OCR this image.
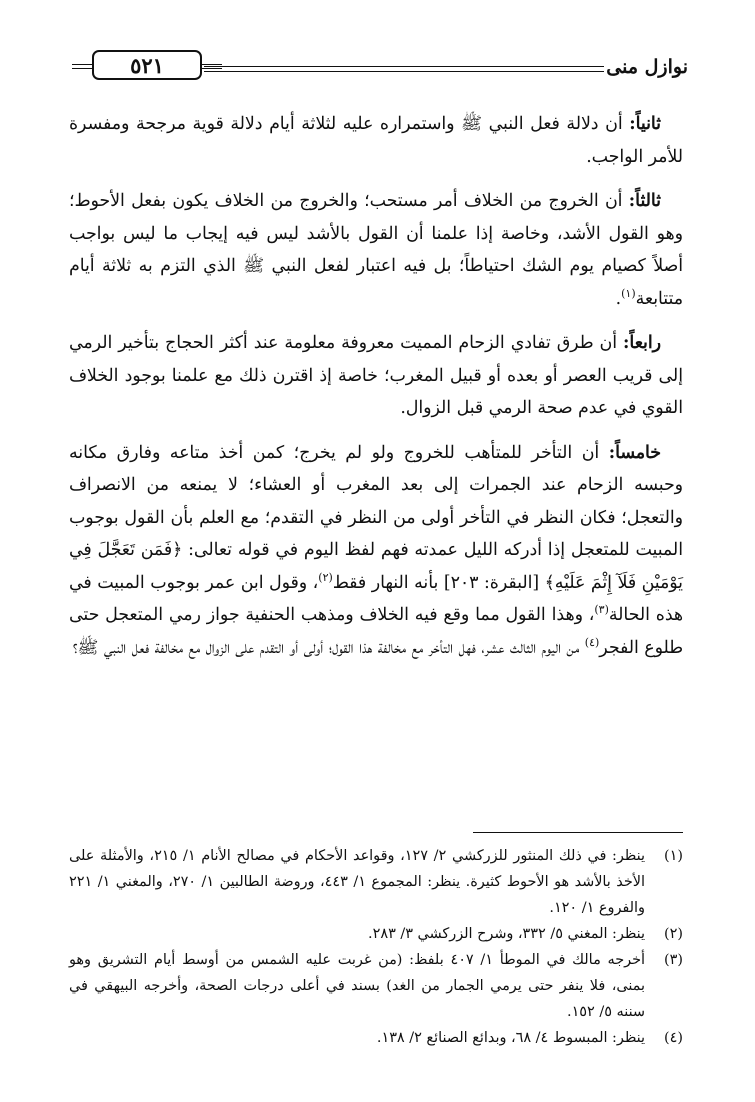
نوازل منى
٥٢١

ثانياً: أن دلالة فعل النبي ﷺ واستمراره عليه لثلاثة أيام دلالة قوية مرجحة ومفسرة للأمر الواجب.

ثالثاً: أن الخروج من الخلاف أمر مستحب؛ والخروج من الخلاف يكون بفعل الأحوط؛ وهو القول الأشد، وخاصة إذا علمنا أن القول بالأشد ليس فيه إيجاب ما ليس بواجب أصلاً كصيام يوم الشك احتياطاً؛ بل فيه اعتبار لفعل النبي ﷺ الذي التزم به ثلاثة أيام متتابعة$^{(١)}$.

رابعاً: أن طرق تفادي الزحام المميت معروفة معلومة عند أكثر الحجاج بتأخير الرمي إلى قريب العصر أو بعده أو قبيل المغرب؛ خاصة إذ اقترن ذلك مع علمنا بوجود الخلاف القوي في عدم صحة الرمي قبل الزوال.

خامساً: أن التأخر للمتأهب للخروج ولو لم يخرج؛ كمن أخذ متاعه وفارق مكانه وحبسه الزحام عند الجمرات إلى بعد المغرب أو العشاء؛ لا يمنعه من الانصراف والتعجل؛ فكان النظر في التأخر أولى من النظر في التقدم؛ مع العلم بأن القول بوجوب المبيت للمتعجل إذا أدركه الليل عمدته فهم لفظ اليوم في قوله تعالى: ﴿فَمَن تَعَجَّلَ فِي يَوْمَيْنِ فَلَآ إِثْمَ عَلَيْهِ﴾ [البقرة: ٢٠٣] بأنه النهار فقط$^{(٢)}$، وقول ابن عمر بوجوب المبيت في هذه الحالة$^{(٣)}$، وهذا القول مما وقع فيه الخلاف ومذهب الحنفية جواز رمي المتعجل حتى طلوع الفجر$^{(٤)}$ من اليوم الثالث عشر، فهل التأخر مع مخالفة هذا القول؛ أولى أو التقدم على الزوال مع مخالفة فعل النبي ﷺ؟

(١)
ينظر: في ذلك المنثور للزركشي ٢/ ١٢٧، وقواعد الأحكام في مصالح الأنام ١/ ٢١٥، والأمثلة على الأخذ بالأشد هو الأحوط كثيرة. ينظر: المجموع ١/ ٤٤٣، وروضة الطالبين ١/ ٢٧٠، والمغني ١/ ٢٢١ والفروع ١/ ١٢٠.
(٢)
ينظر: المغني ٥/ ٣٣٢، وشرح الزركشي ٣/ ٢٨٣.
(٣)
أخرجه مالك في الموطأ ١/ ٤٠٧ بلفظ: (من غربت عليه الشمس من أوسط أيام التشريق وهو بمنى، فلا ينفر حتى يرمي الجمار من الغد) بسند في أعلى درجات الصحة، وأخرجه البيهقي في سننه ٥/ ١٥٢.
(٤)
ينظر: المبسوط ٤/ ٦٨، وبدائع الصنائع ٢/ ١٣٨.
